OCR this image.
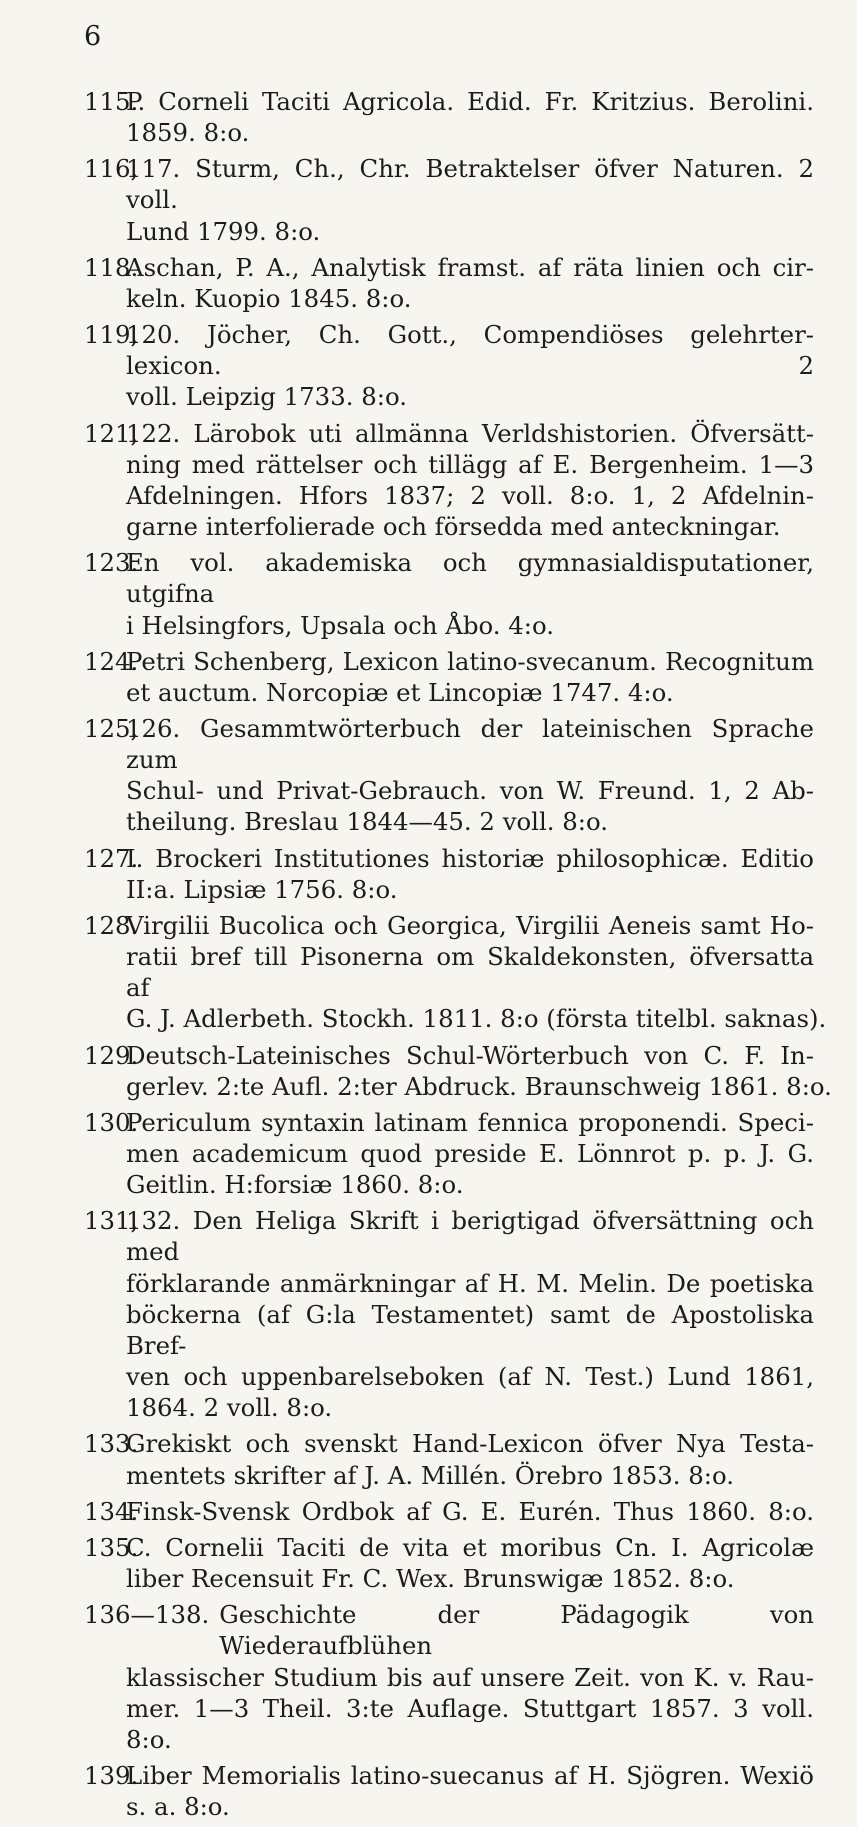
6
115.
P. Corneli Taciti Agricola. Edid. Fr. Kritzius. Berolini.
1859. 8:o.
116,
117. Sturm, Ch., Chr. Betraktelser öfver Naturen. 2 voll.
Lund 1799. 8:o.
118.
Aschan, P. A., Analytisk framst. af räta linien och cir-
keln. Kuopio 1845. 8:o.
119,
120. Jöcher, Ch. Gott., Compendiöses gelehrter-lexicon. 2
voll. Leipzig 1733. 8:o.
121,
122. Lärobok uti allmänna Verldshistorien. Öfversätt-
ning med rättelser och tillägg af E. Bergenheim. 1—3
Afdelningen. Hfors 1837; 2 voll. 8:o. 1, 2 Afdelnin-
garne interfolierade och försedda med anteckningar.
123.
En vol. akademiska och gymnasialdisputationer, utgifna
i Helsingfors, Upsala och Åbo. 4:o.
124.
Petri Schenberg, Lexicon latino-svecanum. Recognitum
et auctum. Norcopiæ et Lincopiæ 1747. 4:o.
125,
126. Gesammtwörterbuch der lateinischen Sprache zum
Schul- und Privat-Gebrauch. von W. Freund. 1, 2 Ab-
theilung. Breslau 1844—45. 2 voll. 8:o.
127.
I. Brockeri Institutiones historiæ philosophicæ. Editio
II:a. Lipsiæ 1756. 8:o.
128.
Virgilii Bucolica och Georgica, Virgilii Aeneis samt Ho-
ratii bref till Pisonerna om Skaldekonsten, öfversatta af
G. J. Adlerbeth. Stockh. 1811. 8:o (första titelbl. saknas).
129.
Deutsch-Lateinisches Schul-Wörterbuch von C. F. In-
gerlev. 2:te Aufl. 2:ter Abdruck. Braunschweig 1861. 8:o.
130.
Periculum syntaxin latinam fennica proponendi. Speci-
men academicum quod preside E. Lönnrot p. p. J. G.
Geitlin. H:forsiæ 1860. 8:o.
131,
132. Den Heliga Skrift i berigtigad öfversättning och med
förklarande anmärkningar af H. M. Melin. De poetiska
böckerna (af G:la Testamentet) samt de Apostoliska Bref-
ven och uppenbarelseboken (af N. Test.) Lund 1861,
1864. 2 voll. 8:o.
133.
Grekiskt och svenskt Hand-Lexicon öfver Nya Testa-
mentets skrifter af J. A. Millén. Örebro 1853. 8:o.
134.
Finsk-Svensk Ordbok af G. E. Eurén. Thus 1860. 8:o.
135.
C. Cornelii Taciti de vita et moribus Cn. I. Agricolæ
liber Recensuit Fr. C. Wex. Brunswigæ 1852. 8:o.
136—138. Geschichte der Pädagogik von Wiederaufblühen
klassischer Studium bis auf unsere Zeit. von K. v. Rau-
mer. 1—3 Theil. 3:te Auflage. Stuttgart 1857. 3 voll. 8:o.
139.
Liber Memorialis latino-suecanus af H. Sjögren. Wexiö
s. a. 8:o.
